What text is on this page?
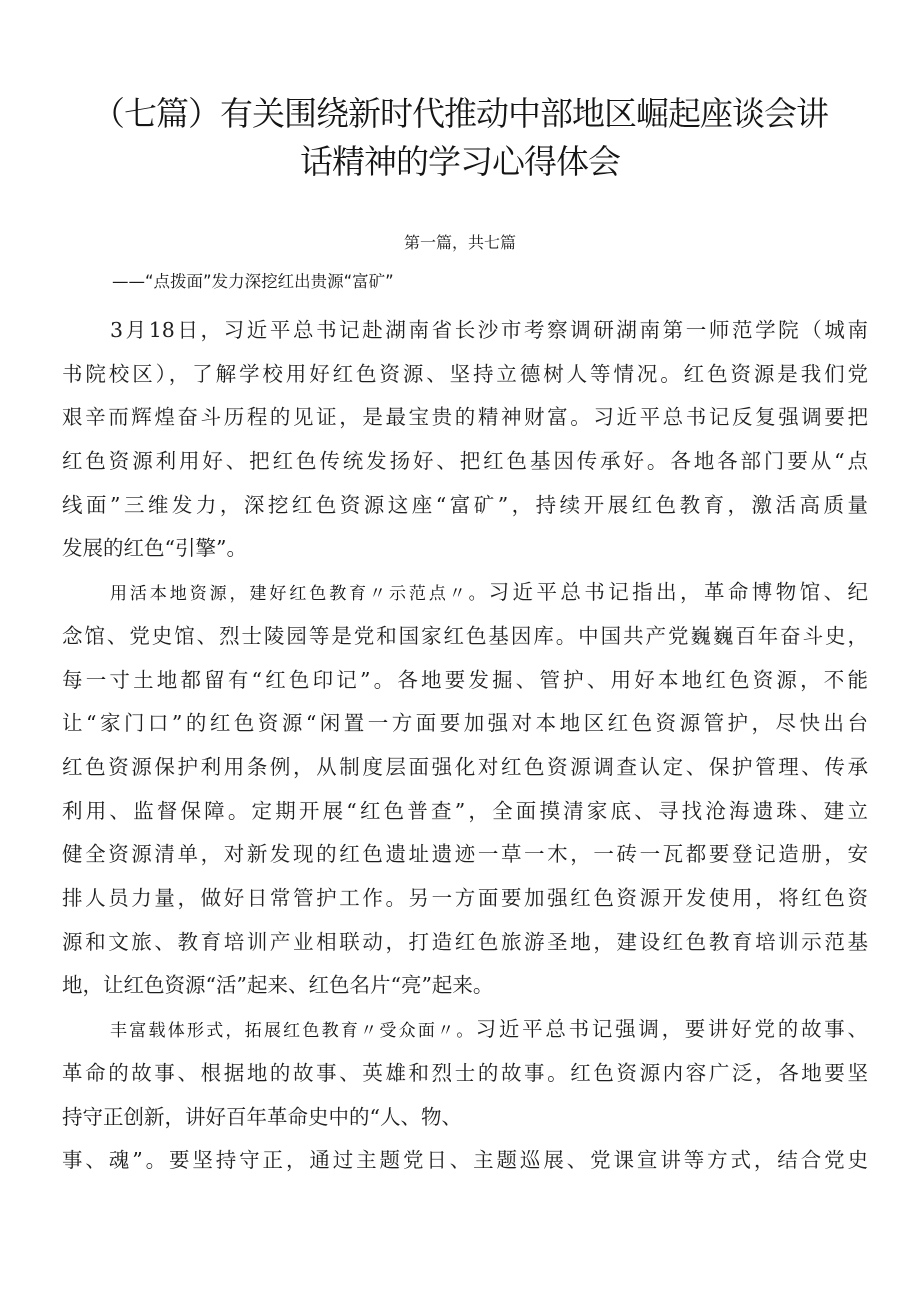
（七篇）有关围绕新时代推动中部地区崛起座谈会讲
话精神的学习心得体会
第一篇，共七篇
——“点拨面”发力深挖红出贵源“富矿”
3月18日，习近平总书记赴湖南省长沙市考察调研湖南第一师范学院（城南
书院校区），了解学校用好红色资源、坚持立德树人等情况。红色资源是我们党
艰辛而辉煌奋斗历程的见证，是最宝贵的精神财富。习近平总书记反复强调要把
红色资源利用好、把红色传统发扬好、把红色基因传承好。各地各部门要从“点
线面”三维发力，深挖红色资源这座“富矿”，持续开展红色教育，激活高质量
发展的红色“引擎”。
用活本地资源，建好红色教育〃示范点〃。习近平总书记指出，革命博物馆、纪
念馆、党史馆、烈士陵园等是党和国家红色基因库。中国共产党巍巍百年奋斗史，
每一寸土地都留有“红色印记”。各地要发掘、管护、用好本地红色资源，不能
让“家门口”的红色资源“闲置一方面要加强对本地区红色资源管护，尽快出台
红色资源保护利用条例，从制度层面强化对红色资源调查认定、保护管理、传承
利用、监督保障。定期开展“红色普查”，全面摸清家底、寻找沧海遗珠、建立
健全资源清单，对新发现的红色遗址遗迹一草一木，一砖一瓦都要登记造册，安
排人员力量，做好日常管护工作。另一方面要加强红色资源开发使用，将红色资
源和文旅、教育培训产业相联动，打造红色旅游圣地，建设红色教育培训示范基
地，让红色资源“活”起来、红色名片“亮”起来。
丰富载体形式，拓展红色教育〃受众面〃。习近平总书记强调，要讲好党的故事、
革命的故事、根据地的故事、英雄和烈士的故事。红色资源内容广泛，各地要坚
持守正创新，讲好百年革命史中的“人、物、
事、魂”。要坚持守正，通过主题党日、主题巡展、党课宣讲等方式，结合党史
